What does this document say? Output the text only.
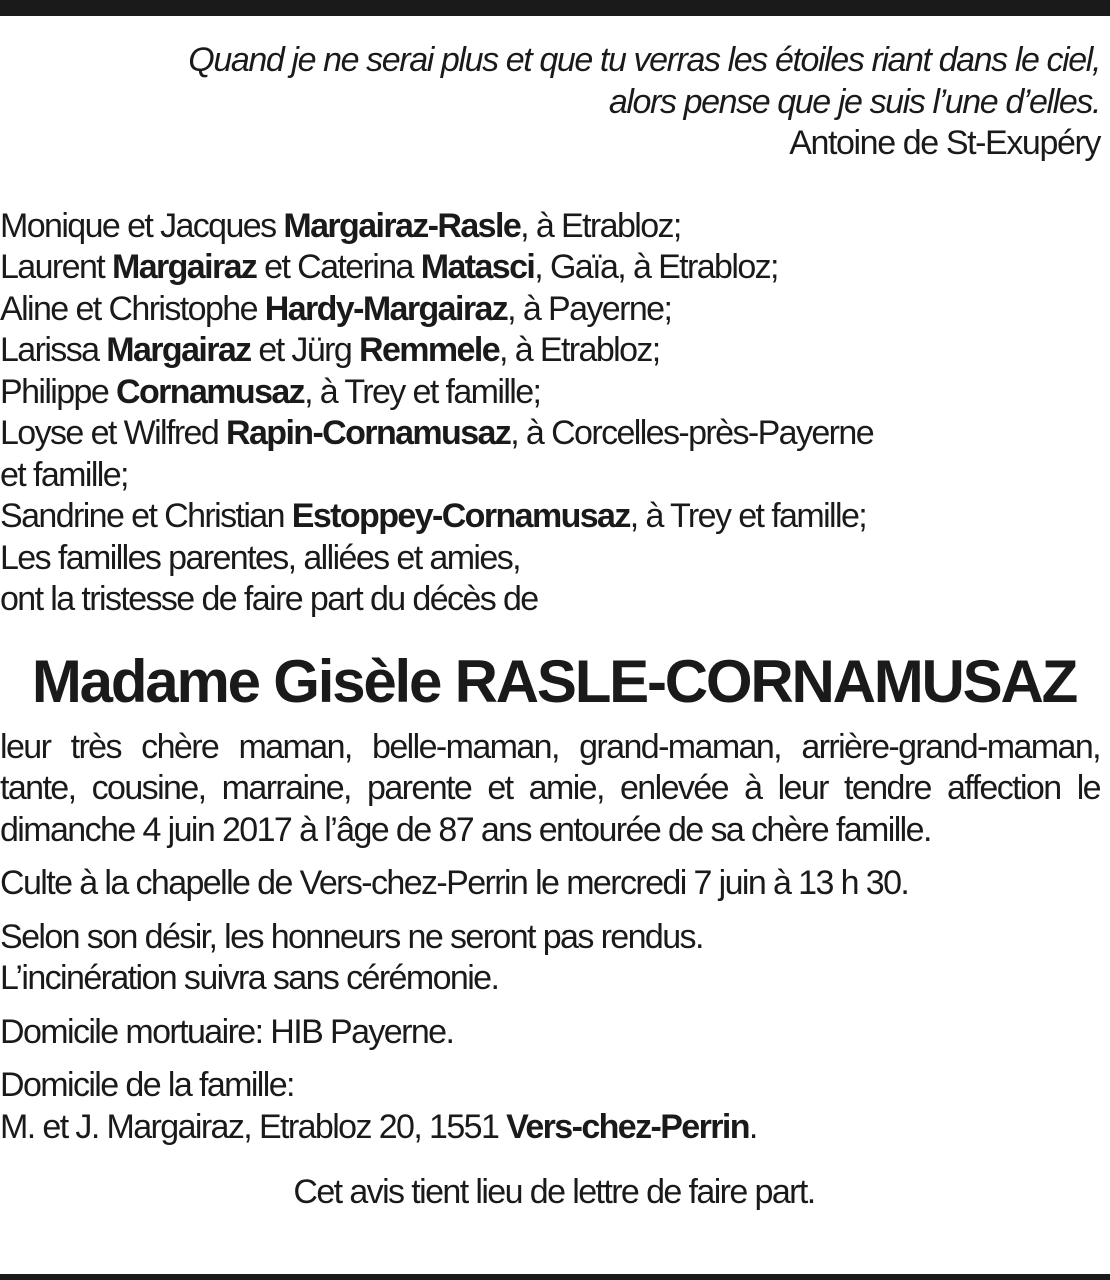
Quand je ne serai plus et que tu verras les étoiles riant dans le ciel,
alors pense que je suis l’une d’elles.
Antoine de St-Exupéry
Monique et Jacques Margairaz-Rasle, à Etrabloz;
Laurent Margairaz et Caterina Matasci, Gaïa, à Etrabloz;
Aline et Christophe Hardy-Margairaz, à Payerne;
Larissa Margairaz et Jürg Remmele, à Etrabloz;
Philippe Cornamusaz, à Trey et famille;
Loyse et Wilfred Rapin-Cornamusaz, à Corcelles-près-Payerne
et famille;
Sandrine et Christian Estoppey-Cornamusaz, à Trey et famille;
Les familles parentes, alliées et amies,
ont la tristesse de faire part du décès de
Madame Gisèle RASLE-CORNAMUSAZ
leur très chère maman, belle-maman, grand-maman, arrière-grand-maman, tante, cousine, marraine, parente et amie, enlevée à leur tendre affection le dimanche 4 juin 2017 à l’âge de 87 ans entourée de sa chère famille.
Culte à la chapelle de Vers-chez-Perrin le mercredi 7 juin à 13 h 30.
Selon son désir, les honneurs ne seront pas rendus.
L’incinération suivra sans cérémonie.
Domicile mortuaire: HIB Payerne.
Domicile de la famille:
M. et J. Margairaz, Etrabloz 20, 1551 Vers-chez-Perrin.
Cet avis tient lieu de lettre de faire part.
